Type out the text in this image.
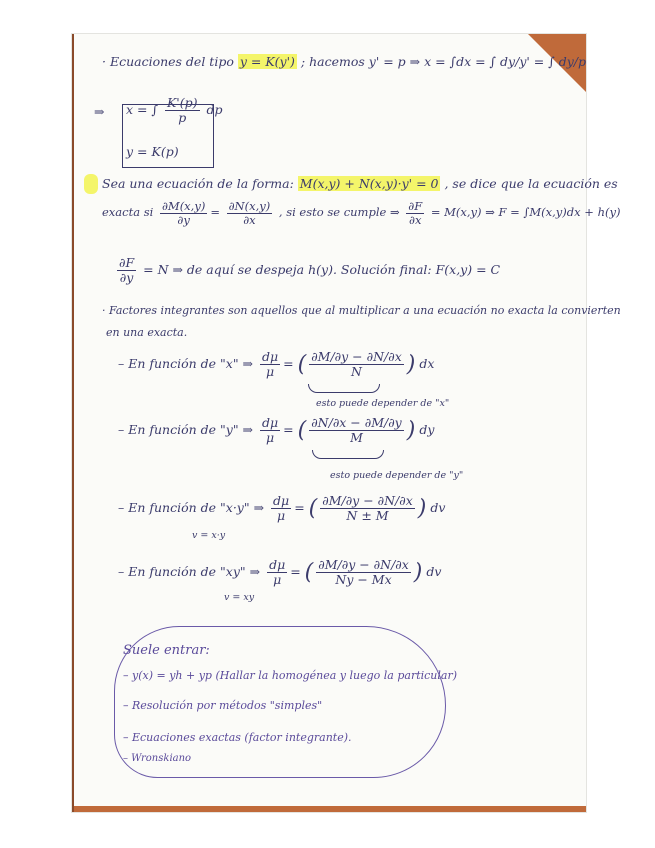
· Ecuaciones del tipo y = K(y') ; hacemos y' = p ⇒ x = ∫dx = ∫ dy/y' = ∫ dy/p
⇒ x = ∫ $\frac{K'(p)}{p}$ dp
y = K(p)
Sea una ecuación de la forma: M(x,y) + N(x,y)·y' = 0 , se dice que la ecuación es
exacta si $\frac{\partial M(x,y)}{\partial y} = \frac{\partial N(x,y)}{\partial x}$ , si esto se cumple ⇒ $\frac{\partial F}{\partial x} = M(x,y)$ ⇒ F = ∫M(x,y)dx + h(y)
$\frac{\partial F}{\partial y} = N$ ⇒ de aquí se despeja h(y). Solución final: F(x,y) = C
· Factores integrantes son aquellos que al multiplicar a una ecuación no exacta la convierten
en una exacta.
– En función de "x" ⇒ $\frac{d\mu}{\mu}$ = ( $\frac{\partial M/\partial y - \partial N/\partial x}{N}$ ) dx
esto puede depender de "x"
– En función de "y" ⇒ $\frac{d\mu}{\mu}$ = ( $\frac{\partial N/\partial x - \partial M/\partial y}{M}$ ) dy
esto puede depender de "y"
– En función de "x·y" ⇒ $\frac{d\mu}{\mu}$ = ( $\frac{\partial M/\partial y - \partial N/\partial x}{N \pm M}$ ) dv
v = x·y
– En función de "xy" ⇒ $\frac{d\mu}{\mu}$ = ( $\frac{\partial M/\partial y - \partial N/\partial x}{Ny - Mx}$ ) dv
v = xy
Suele entrar:
– y(x) = yh + yp (Hallar la homogénea y luego la particular)
– Resolución por métodos "simples"
– Ecuaciones exactas (factor integrante).
– Wronskiano
